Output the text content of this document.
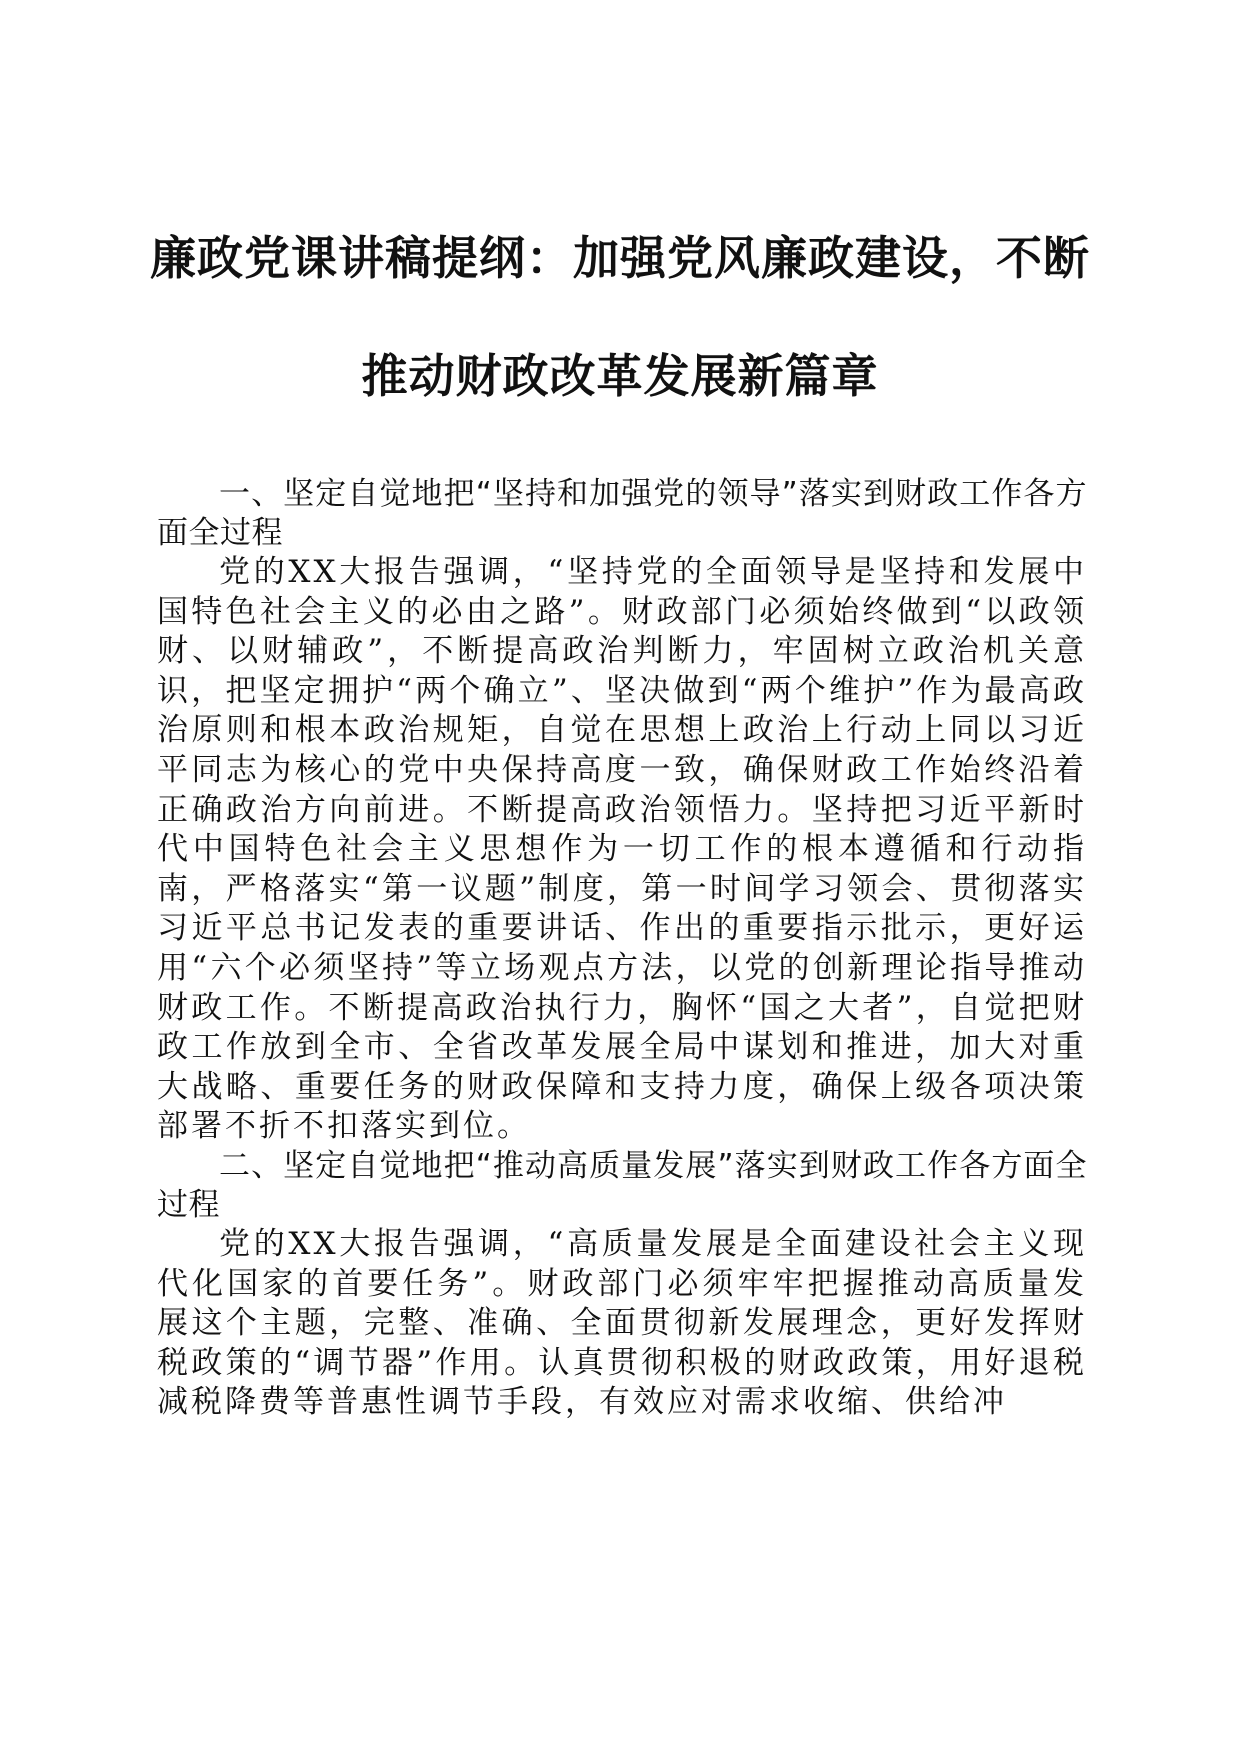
廉政党课讲稿提纲：加强党风廉政建设，不断
推动财政改革发展新篇章

一、坚定自觉地把“坚持和加强党的领导”落实到财政工作各方面全过程

党的XX大报告强调，“坚持党的全面领导是坚持和发展中国特色社会主义的必由之路”。财政部门必须始终做到“以政领财、以财辅政”，不断提高政治判断力，牢固树立政治机关意识，把坚定拥护“两个确立”、坚决做到“两个维护”作为最高政治原则和根本政治规矩，自觉在思想上政治上行动上同以习近平同志为核心的党中央保持高度一致，确保财政工作始终沿着正确政治方向前进。不断提高政治领悟力。坚持把习近平新时代中国特色社会主义思想作为一切工作的根本遵循和行动指南，严格落实“第一议题”制度，第一时间学习领会、贯彻落实习近平总书记发表的重要讲话、作出的重要指示批示，更好运用“六个必须坚持”等立场观点方法，以党的创新理论指导推动财政工作。不断提高政治执行力，胸怀“国之大者”，自觉把财政工作放到全市、全省改革发展全局中谋划和推进，加大对重大战略、重要任务的财政保障和支持力度，确保上级各项决策部署不折不扣落实到位。

二、坚定自觉地把“推动高质量发展”落实到财政工作各方面全过程

党的XX大报告强调，“高质量发展是全面建设社会主义现代化国家的首要任务”。财政部门必须牢牢把握推动高质量发展这个主题，完整、准确、全面贯彻新发展理念，更好发挥财税政策的“调节器”作用。认真贯彻积极的财政政策，用好退税减税降费等普惠性调节手段，有效应对需求收缩、供给冲
